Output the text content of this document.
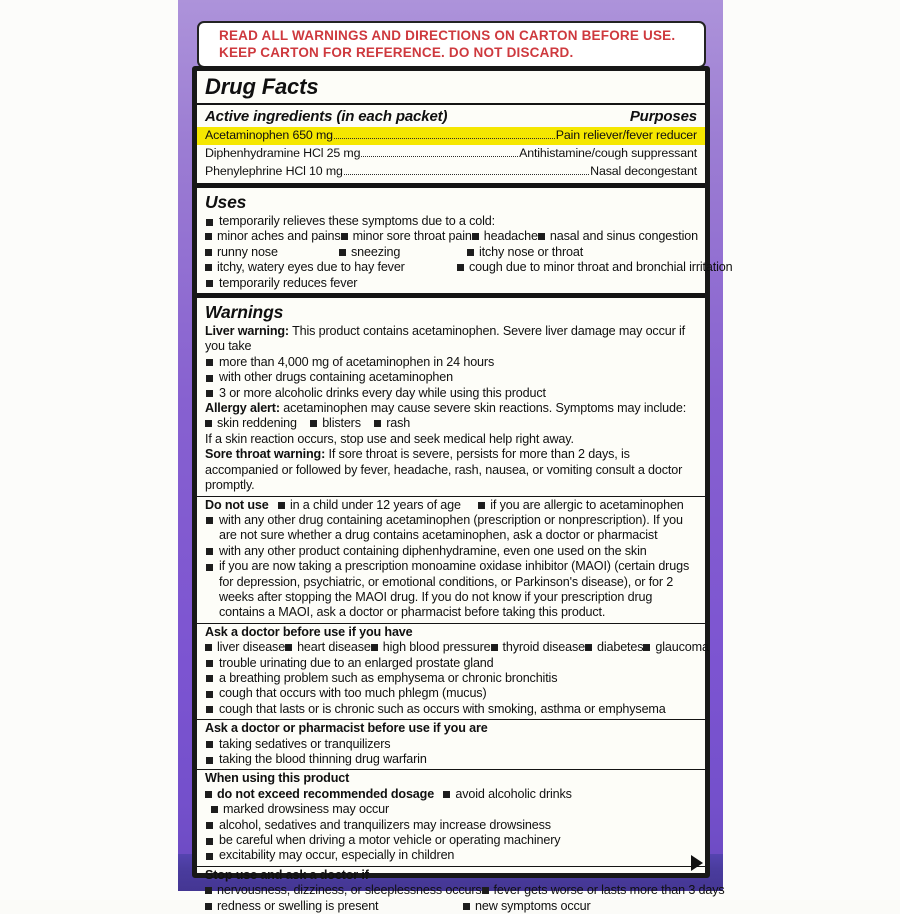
READ ALL WARNINGS AND DIRECTIONS ON CARTON BEFORE USE.
KEEP CARTON FOR REFERENCE. DO NOT DISCARD.
Drug Facts
Active ingredients (in each packet)	Purposes
Acetaminophen 650 mg	Pain reliever/fever reducer
Diphenhydramine HCl 25 mg	Antihistamine/cough suppressant
Phenylephrine HCl 10 mg	Nasal decongestant
Uses
temporarily relieves these symptoms due to a cold:
minor aches and pains minor sore throat pain headache nasal and sinus congestion
runny nose	sneezing	itchy nose or throat
itchy, watery eyes due to hay fever	cough due to minor throat and bronchial irritation
temporarily reduces fever
Warnings
Liver warning: This product contains acetaminophen. Severe liver damage may occur if you take
more than 4,000 mg of acetaminophen in 24 hours
with other drugs containing acetaminophen
3 or more alcoholic drinks every day while using this product
Allergy alert: acetaminophen may cause severe skin reactions. Symptoms may include:
skin reddening blisters rash
If a skin reaction occurs, stop use and seek medical help right away.
Sore throat warning: If sore throat is severe, persists for more than 2 days, is accompanied or followed by fever, headache, rash, nausea, or vomiting consult a doctor promptly.
Do not use in a child under 12 years of age if you are allergic to acetaminophen
with any other drug containing acetaminophen (prescription or nonprescription). If you are not sure whether a drug contains acetaminophen, ask a doctor or pharmacist
with any other product containing diphenhydramine, even one used on the skin
if you are now taking a prescription monoamine oxidase inhibitor (MAOI) (certain drugs for depression, psychiatric, or emotional conditions, or Parkinson's disease), or for 2 weeks after stopping the MAOI drug. If you do not know if your prescription drug contains a MAOI, ask a doctor or pharmacist before taking this product.
Ask a doctor before use if you have
liver disease heart disease high blood pressure thyroid disease diabetes glaucoma
trouble urinating due to an enlarged prostate gland
a breathing problem such as emphysema or chronic bronchitis
cough that occurs with too much phlegm (mucus)
cough that lasts or is chronic such as occurs with smoking, asthma or emphysema
Ask a doctor or pharmacist before use if you are
taking sedatives or tranquilizers
taking the blood thinning drug warfarin
When using this product
do not exceed recommended dosage avoid alcoholic drinks marked drowsiness may occur
alcohol, sedatives and tranquilizers may increase drowsiness
be careful when driving a motor vehicle or operating machinery
excitability may occur, especially in children
Stop use and ask a doctor if
nervousness, dizziness, or sleeplessness occurs fever gets worse or lasts more than 3 days
redness or swelling is present	new symptoms occur
